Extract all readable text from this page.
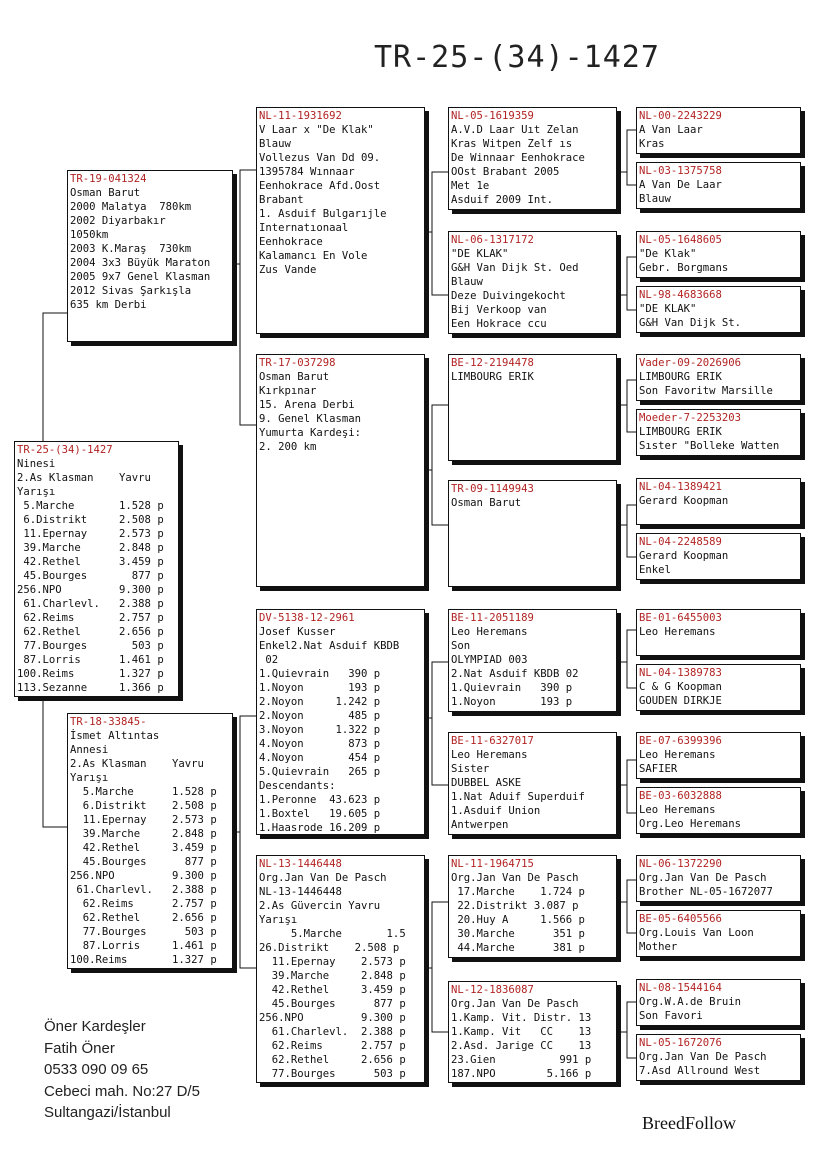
TR-25-(34)-1427
TR-25-(34)-1427
Ninesi
2.As Klasman    Yavru
Yarışı
5.Marche       1.528 p
6.Distrikt     2.508 p
11.Epernay     2.573 p
39.Marche      2.848 p
42.Rethel      3.459 p
45.Bourges       877 p
256.NPO         9.300 p
61.Charlevl.   2.388 p
62.Reims       2.757 p
62.Rethel      2.656 p
77.Bourges       503 p
87.Lorris      1.461 p
100.Reims       1.327 p
113.Sezanne     1.366 p
TR-19-041324
Osman Barut
2000 Malatya  780km
2002 Diyarbakır
1050km
2003 K.Maraş  730km
2004 3x3 Büyük Maraton
2005 9x7 Genel Klasman
2012 Sivas Şarkışla
635 km Derbi
TR-18-33845-
İsmet Altıntas
Annesi
2.As Klasman    Yavru
Yarışı
5.Marche      1.528 p
6.Distrikt    2.508 p
11.Epernay    2.573 p
39.Marche     2.848 p
42.Rethel     3.459 p
45.Bourges      877 p
256.NPO         9.300 p
61.Charlevl.   2.388 p
62.Reims      2.757 p
62.Rethel     2.656 p
77.Bourges      503 p
87.Lorris     1.461 p
100.Reims       1.327 p
NL-11-1931692
V Laar x "De Klak"
Blauw
Vollezus Van Dd 09.
1395784 Wınnaar
Eenhokrace Afd.Oost
Brabant
1. Asduif Bulgarıjle
Internatıonaal
Eenhokrace
Kalamancı En Vole
Zus Vande
TR-17-037298
Osman Barut
Kırkpınar
15. Arena Derbi
9. Genel Klasman
Yumurta Kardeşi:
2. 200 km
DV-5138-12-2961
Josef Kusser
Enkel2.Nat Asduif KBDB
02
1.Quievrain   390 p
1.Noyon       193 p
2.Noyon     1.242 p
2.Noyon       485 p
3.Noyon     1.322 p
4.Noyon       873 p
4.Noyon       454 p
5.Quievrain   265 p
Descendants:
1.Peronne  43.623 p
1.Boxtel   19.605 p
1.Haasrode 16.209 p
NL-13-1446448
Org.Jan Van De Pasch
NL-13-1446448
2.As Güvercin Yavru
Yarışı
5.Marche       1.5
26.Distrikt    2.508 p
11.Epernay    2.573 p
39.Marche     2.848 p
42.Rethel     3.459 p
45.Bourges      877 p
256.NPO         9.300 p
61.Charlevl.  2.388 p
62.Reims      2.757 p
62.Rethel     2.656 p
77.Bourges      503 p
NL-05-1619359
A.V.D Laar Uıt Zelan
Kras Witpen Zelf ıs
De Winnaar Eenhokrace
OOst Brabant 2005
Met 1e
Asduif 2009 Int.
NL-06-1317172
"DE KLAK"
G&H Van Dijk St. Oed
Blauw
Deze Duivingekocht
Bij Verkoop van
Een Hokrace ccu
BE-12-2194478
LIMBOURG ERIK
TR-09-1149943
Osman Barut
BE-11-2051189
Leo Heremans
Son
OLYMPIAD 003
2.Nat Asduif KBDB 02
1.Quievrain   390 p
1.Noyon       193 p
BE-11-6327017
Leo Heremans
Sister
DUBBEL ASKE
1.Nat Aduif Superduif
1.Asduif Union
Antwerpen
NL-11-1964715
Org.Jan Van De Pasch
17.Marche    1.724 p
22.Distrikt 3.087 p
20.Huy A     1.566 p
30.Marche      351 p
44.Marche      381 p
NL-12-1836087
Org.Jan Van De Pasch
1.Kamp. Vit. Distr. 13
1.Kamp. Vit   CC    13
2.Asd. Jarige CC    13
23.Gien          991 p
187.NPO        5.166 p
NL-00-2243229
A Van Laar
Kras
NL-03-1375758
A Van De Laar
Blauw
NL-05-1648605
"De Klak"
Gebr. Borgmans
NL-98-4683668
"DE KLAK"
G&H Van Dijk St.
Vader-09-2026906
LIMBOURG ERIK
Son Favoritw Marsille
Moeder-7-2253203
LIMBOURG ERIK
Sıster "Bolleke Watten
NL-04-1389421
Gerard Koopman
NL-04-2248589
Gerard Koopman
Enkel
BE-01-6455003
Leo Heremans
NL-04-1389783
C & G Koopman
GOUDEN DIRKJE
BE-07-6399396
Leo Heremans
SAFIER
BE-03-6032888
Leo Heremans
Org.Leo Heremans
NL-06-1372290
Org.Jan Van De Pasch
Brother NL-05-1672077
BE-05-6405566
Org.Louis Van Loon
Mother
NL-08-1544164
Org.W.A.de Bruin
Son Favori
NL-05-1672076
Org.Jan Van De Pasch
7.Asd Allround West
Öner Kardeşler
Fatih Öner
0533 090 09 65
Cebeci mah. No:27 D/5
Sultangazi/İstanbul
BreedFollow
